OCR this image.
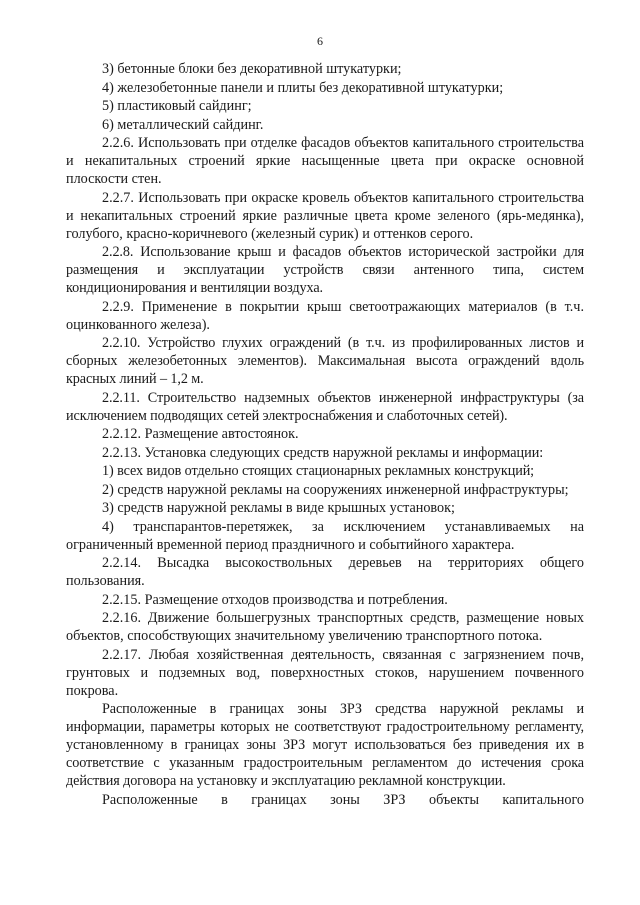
6

3) бетонные блоки без декоративной штукатурки;

4) железобетонные панели и плиты без декоративной штукатурки;

5) пластиковый сайдинг;

6) металлический сайдинг.

2.2.6. Использовать при отделке фасадов объектов капитального строительства и некапитальных строений яркие насыщенные цвета при окраске основной плоскости стен.

2.2.7. Использовать при окраске кровель объектов капитального строительства и некапитальных строений яркие различные цвета кроме зеленого (ярь-медянка), голубого, красно-коричневого (железный сурик) и оттенков серого.

2.2.8. Использование крыш и фасадов объектов исторической застройки для размещения и эксплуатации устройств связи антенного типа, систем кондиционирования и вентиляции воздуха.

2.2.9. Применение в покрытии крыш светоотражающих материалов (в т.ч. оцинкованного железа).

2.2.10. Устройство глухих ограждений (в т.ч. из профилированных листов и сборных железобетонных элементов). Максимальная высота ограждений вдоль красных линий – 1,2 м.

2.2.11. Строительство надземных объектов инженерной инфраструктуры (за исключением подводящих сетей электроснабжения и слаботочных сетей).

2.2.12. Размещение автостоянок.

2.2.13. Установка следующих средств наружной рекламы и информации:

1) всех видов отдельно стоящих стационарных рекламных конструкций;

2) средств наружной рекламы на сооружениях инженерной инфраструктуры;

3) средств наружной рекламы в виде крышных установок;

4) транспарантов-перетяжек, за исключением устанавливаемых на ограниченный временной период праздничного и событийного характера.

2.2.14. Высадка высокоствольных деревьев на территориях общего пользования.

2.2.15. Размещение отходов производства и потребления.

2.2.16. Движение большегрузных транспортных средств, размещение новых объектов, способствующих значительному увеличению транспортного потока.

2.2.17. Любая хозяйственная деятельность, связанная с загрязнением почв, грунтовых и подземных вод, поверхностных стоков, нарушением почвенного покрова.

Расположенные в границах зоны ЗРЗ средства наружной рекламы и информации, параметры которых не соответствуют градостроительному регламенту, установленному в границах зоны ЗРЗ могут использоваться без приведения их в соответствие с указанным градостроительным регламентом до истечения срока действия договора на установку и эксплуатацию рекламной конструкции.

Расположенные в границах зоны ЗРЗ объекты капитального
